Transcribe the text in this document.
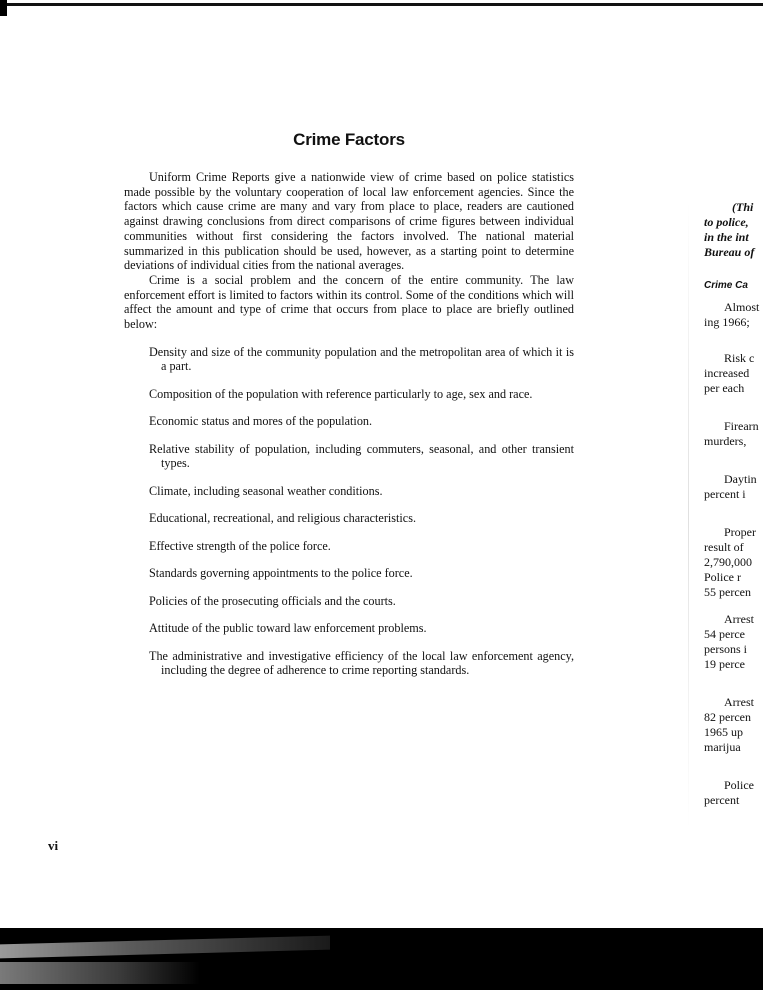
Crime Factors

Uniform Crime Reports give a nationwide view of crime based on police statistics made possible by the voluntary cooperation of local law enforcement agencies. Since the factors which cause crime are many and vary from place to place, readers are cautioned against drawing conclusions from direct comparisons of crime figures between individual communities without first considering the factors involved. The national material summarized in this publication should be used, however, as a starting point to determine deviations of individual cities from the national averages.

Crime is a social problem and the concern of the entire community. The law enforcement effort is limited to factors within its control. Some of the conditions which will affect the amount and type of crime that occurs from place to place are briefly outlined below:

Density and size of the community population and the metropolitan area of which it is a part.
Composition of the population with reference particularly to age, sex and race.
Economic status and mores of the population.
Relative stability of population, including commuters, seasonal, and other transient types.
Climate, including seasonal weather conditions.
Educational, recreational, and religious characteristics.
Effective strength of the police force.
Standards governing appointments to the police force.
Policies of the prosecuting officials and the courts.
Attitude of the public toward law enforcement problems.
The administrative and investigative efficiency of the local law enforcement agency, including the degree of adherence to crime reporting standards.
vi
(Thi
to police,
in the int
Bureau of
Crime Ca
Almost
ing 1966;
Risk c
increased
per each
Firearn
murders,
Daytin
percent i
Proper
result of
2,790,000
Police r
55 percen
Arrest
54 perce
persons i
19 perce
Arrest
82 percen
1965 up
marijua
Police
percent
